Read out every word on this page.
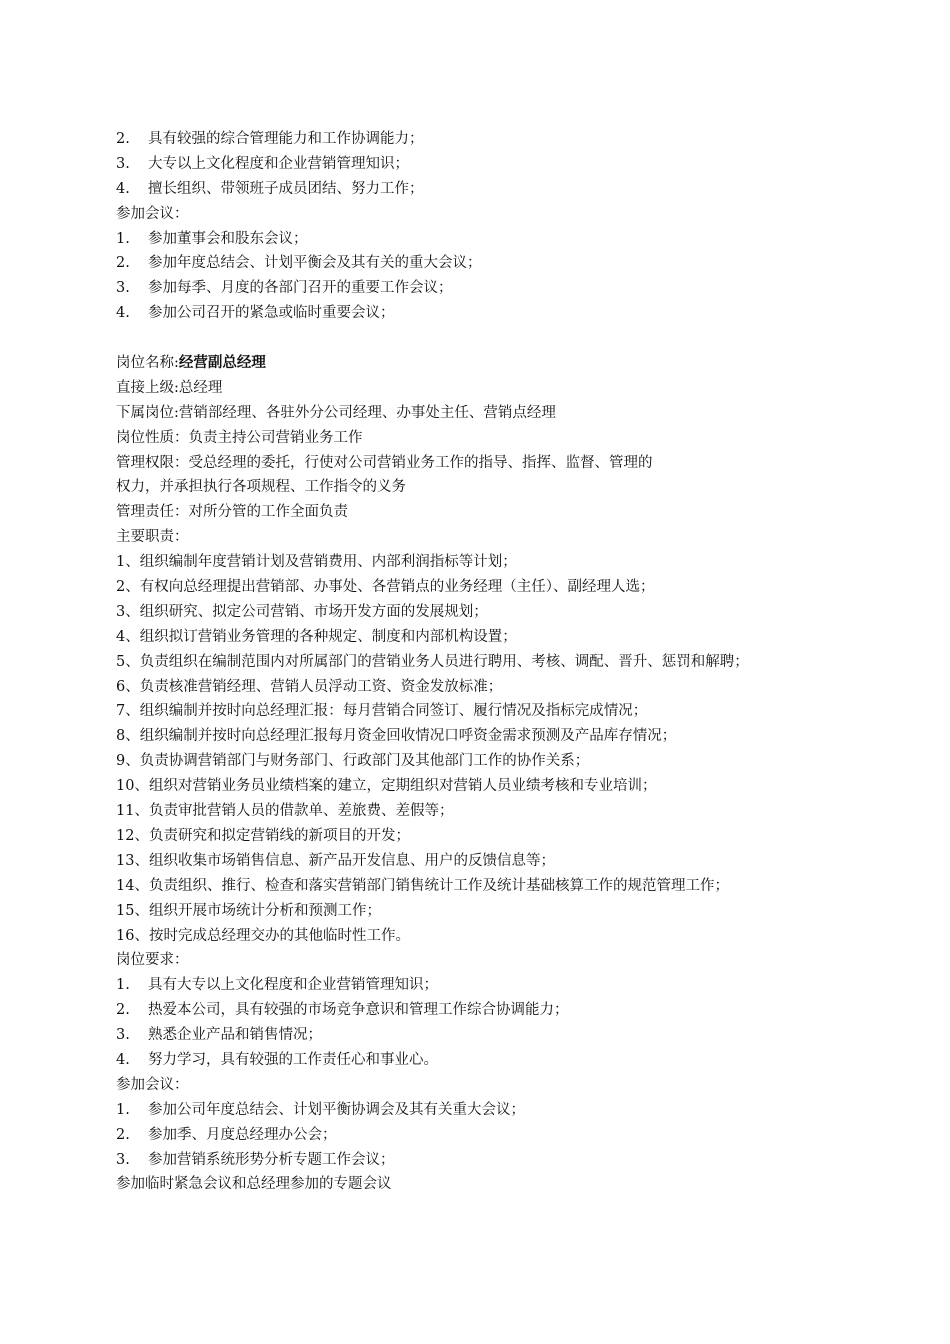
2. 具有较强的综合管理能力和工作协调能力；
3. 大专以上文化程度和企业营销管理知识；
4. 擅长组织、带领班子成员团结、努力工作；
参加会议：
1. 参加董事会和股东会议；
2. 参加年度总结会、计划平衡会及其有关的重大会议；
3. 参加每季、月度的各部门召开的重要工作会议；
4. 参加公司召开的紧急或临时重要会议；
岗位名称:经营副总经理
直接上级:总经理
下属岗位:营销部经理、各驻外分公司经理、办事处主任、营销点经理
岗位性质：负责主持公司营销业务工作
管理权限：受总经理的委托，行使对公司营销业务工作的指导、指挥、监督、管理的
权力，并承担执行各项规程、工作指令的义务
管理责任：对所分管的工作全面负责
主要职责：
1、组织编制年度营销计划及营销费用、内部利润指标等计划；
2、有权向总经理提出营销部、办事处、各营销点的业务经理（主任）、副经理人选；
3、组织研究、拟定公司营销、市场开发方面的发展规划；
4、组织拟订营销业务管理的各种规定、制度和内部机构设置；
5、负责组织在编制范围内对所属部门的营销业务人员进行聘用、考核、调配、晋升、惩罚和解聘；
6、负责核准营销经理、营销人员浮动工资、资金发放标准；
7、组织编制并按时向总经理汇报：每月营销合同签订、履行情况及指标完成情况；
8、组织编制并按时向总经理汇报每月资金回收情况口呼资金需求预测及产品库存情况；
9、负责协调营销部门与财务部门、行政部门及其他部门工作的协作关系；
10、组织对营销业务员业绩档案的建立，定期组织对营销人员业绩考核和专业培训；
11、负责审批营销人员的借款单、差旅费、差假等；
12、负责研究和拟定营销线的新项目的开发；
13、组织收集市场销售信息、新产品开发信息、用户的反馈信息等；
14、负责组织、推行、检查和落实营销部门销售统计工作及统计基础核算工作的规范管理工作；
15、组织开展市场统计分析和预测工作；
16、按时完成总经理交办的其他临时性工作。
岗位要求：
1. 具有大专以上文化程度和企业营销管理知识；
2. 热爱本公司，具有较强的市场竞争意识和管理工作综合协调能力；
3. 熟悉企业产品和销售情况；
4. 努力学习，具有较强的工作责任心和事业心。
参加会议：
1. 参加公司年度总结会、计划平衡协调会及其有关重大会议；
2. 参加季、月度总经理办公会；
3. 参加营销系统形势分析专题工作会议；
参加临时紧急会议和总经理参加的专题会议
